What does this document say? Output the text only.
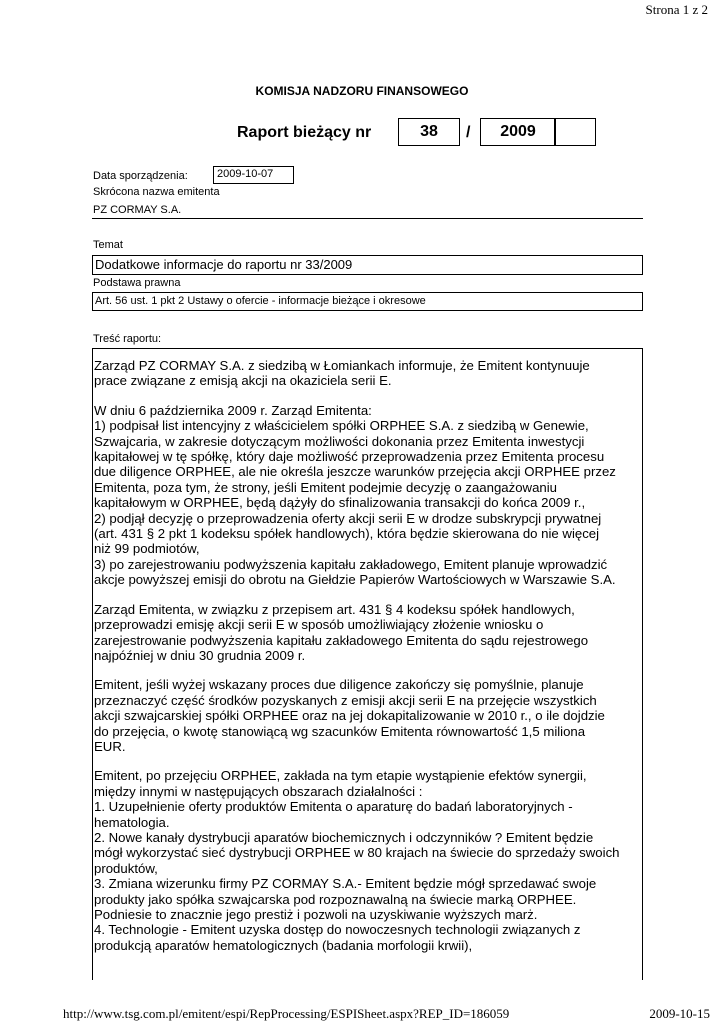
Strona 1 z 2
KOMISJA NADZORU FINANSOWEGO
Raport bieżący nr	38	/	2009
Data sporządzenia:	2009-10-07
Skrócona nazwa emitenta
PZ CORMAY S.A.
Temat
Dodatkowe informacje do raportu nr 33/2009
Podstawa prawna
Art. 56 ust. 1 pkt 2 Ustawy o ofercie - informacje bieżące i okresowe
Treść raportu:

Zarząd PZ CORMAY S.A. z siedzibą w Łomiankach informuje, że Emitent kontynuuje
prace związane z emisją akcji na okaziciela serii E.

W dniu 6 października 2009 r. Zarząd Emitenta:
1) podpisał list intencyjny z właścicielem spółki ORPHEE S.A. z siedzibą w Genewie,
Szwajcaria, w zakresie dotyczącym możliwości dokonania przez Emitenta inwestycji
kapitałowej w tę spółkę, który daje możliwość przeprowadzenia przez Emitenta procesu
due diligence ORPHEE, ale nie określa jeszcze warunków przejęcia akcji ORPHEE przez
Emitenta, poza tym, że strony, jeśli Emitent podejmie decyzję o zaangażowaniu
kapitałowym w ORPHEE, będą dążyły do sfinalizowania transakcji do końca 2009 r.,
2) podjął decyzję o przeprowadzenia oferty akcji serii E w drodze subskrypcji prywatnej
(art. 431 § 2 pkt 1 kodeksu spółek handlowych), która będzie skierowana do nie więcej
niż 99 podmiotów,
3) po zarejestrowaniu podwyższenia kapitału zakładowego, Emitent planuje wprowadzić
akcje powyższej emisji do obrotu na Giełdzie Papierów Wartościowych w Warszawie S.A.

Zarząd Emitenta, w związku z przepisem art. 431 § 4 kodeksu spółek handlowych,
przeprowadzi emisję akcji serii E w sposób umożliwiający złożenie wniosku o
zarejestrowanie podwyższenia kapitału zakładowego Emitenta do sądu rejestrowego
najpóźniej w dniu 30 grudnia 2009 r.

Emitent, jeśli wyżej wskazany proces due diligence zakończy się pomyślnie, planuje
przeznaczyć część środków pozyskanych z emisji akcji serii E na przejęcie wszystkich
akcji szwajcarskiej spółki ORPHEE oraz na jej dokapitalizowanie w 2010 r., o ile dojdzie
do przejęcia, o kwotę stanowiącą wg szacunków Emitenta równowartość 1,5 miliona
EUR.

Emitent, po przejęciu ORPHEE, zakłada na tym etapie wystąpienie efektów synergii,
między innymi w następujących obszarach działalności :
1. Uzupełnienie oferty produktów Emitenta o aparaturę do badań laboratoryjnych -
hematologia.
2. Nowe kanały dystrybucji aparatów biochemicznych i odczynników ? Emitent będzie
mógł wykorzystać sieć dystrybucji ORPHEE w 80 krajach na świecie do sprzedaży swoich
produktów,
3. Zmiana wizerunku firmy PZ CORMAY S.A.- Emitent będzie mógł sprzedawać swoje
produkty jako spółka szwajcarska pod rozpoznawalną na świecie marką ORPHEE.
Podniesie to znacznie jego prestiż i pozwoli na uzyskiwanie wyższych marż.
4. Technologie - Emitent uzyska dostęp do nowoczesnych technologii związanych z
produkcją aparatów hematologicznych (badania morfologii krwii),

http://www.tsg.com.pl/emitent/espi/RepProcessing/ESPISheet.aspx?REP_ID=186059	2009-10-15
